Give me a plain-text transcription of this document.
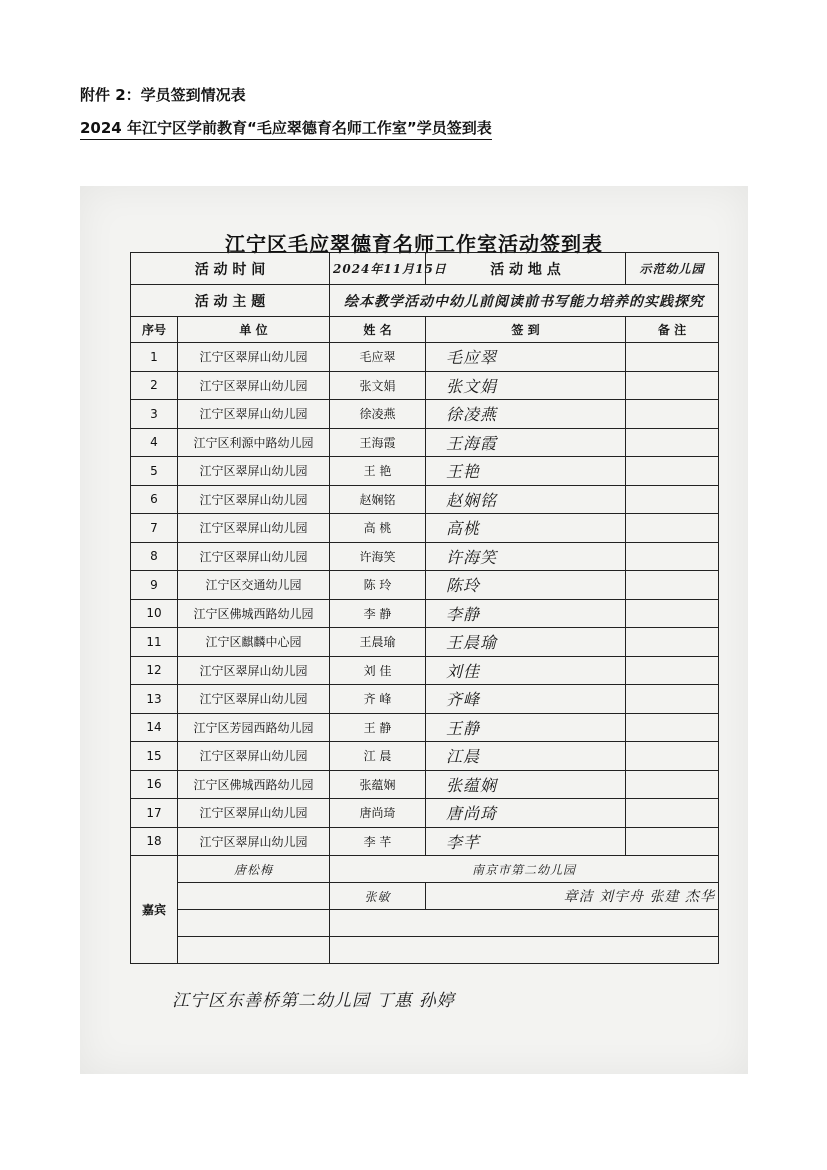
附件 2：学员签到情况表
2024 年江宁区学前教育“毛应翠德育名师工作室”学员签到表
江宁区毛应翠德育名师工作室活动签到表
活 动 时 间		2024年11月15日	活 动 地 点	示范幼儿园
活 动 主 题		绘本教学活动中幼儿前阅读前书写能力培养的实践探究		
序号	单 位	姓 名	签 到	备 注
1	江宁区翠屏山幼儿园	毛应翠	毛应翠	
2	江宁区翠屏山幼儿园	张文娟	张文娟	
3	江宁区翠屏山幼儿园	徐凌燕	徐凌燕	
4	江宁区利源中路幼儿园	王海霞	王海霞	
5	江宁区翠屏山幼儿园	王 艳	王艳	
6	江宁区翠屏山幼儿园	赵娴铭	赵娴铭	
7	江宁区翠屏山幼儿园	高 桃	高桃	
8	江宁区翠屏山幼儿园	许海笑	许海笑	
9	江宁区交通幼儿园	陈 玲	陈玲	
10	江宁区佛城西路幼儿园	李 静	李静	
11	江宁区麒麟中心园	王晨瑜	王晨瑜	
12	江宁区翠屏山幼儿园	刘 佳	刘佳	
13	江宁区翠屏山幼儿园	齐 峰	齐峰	
14	江宁区芳园西路幼儿园	王 静	王静	
15	江宁区翠屏山幼儿园	江 晨	江晨	
16	江宁区佛城西路幼儿园	张蕴娴	张蕴娴	
17	江宁区翠屏山幼儿园	唐尚琦	唐尚琦	
18	江宁区翠屏山幼儿园	李 芊	李芊	
嘉宾	唐松梅	南京市第二幼儿园		
		张敏	章洁 刘宇舟 张建 杰华	

江宁区东善桥第二幼儿园 丁惠 孙婷
